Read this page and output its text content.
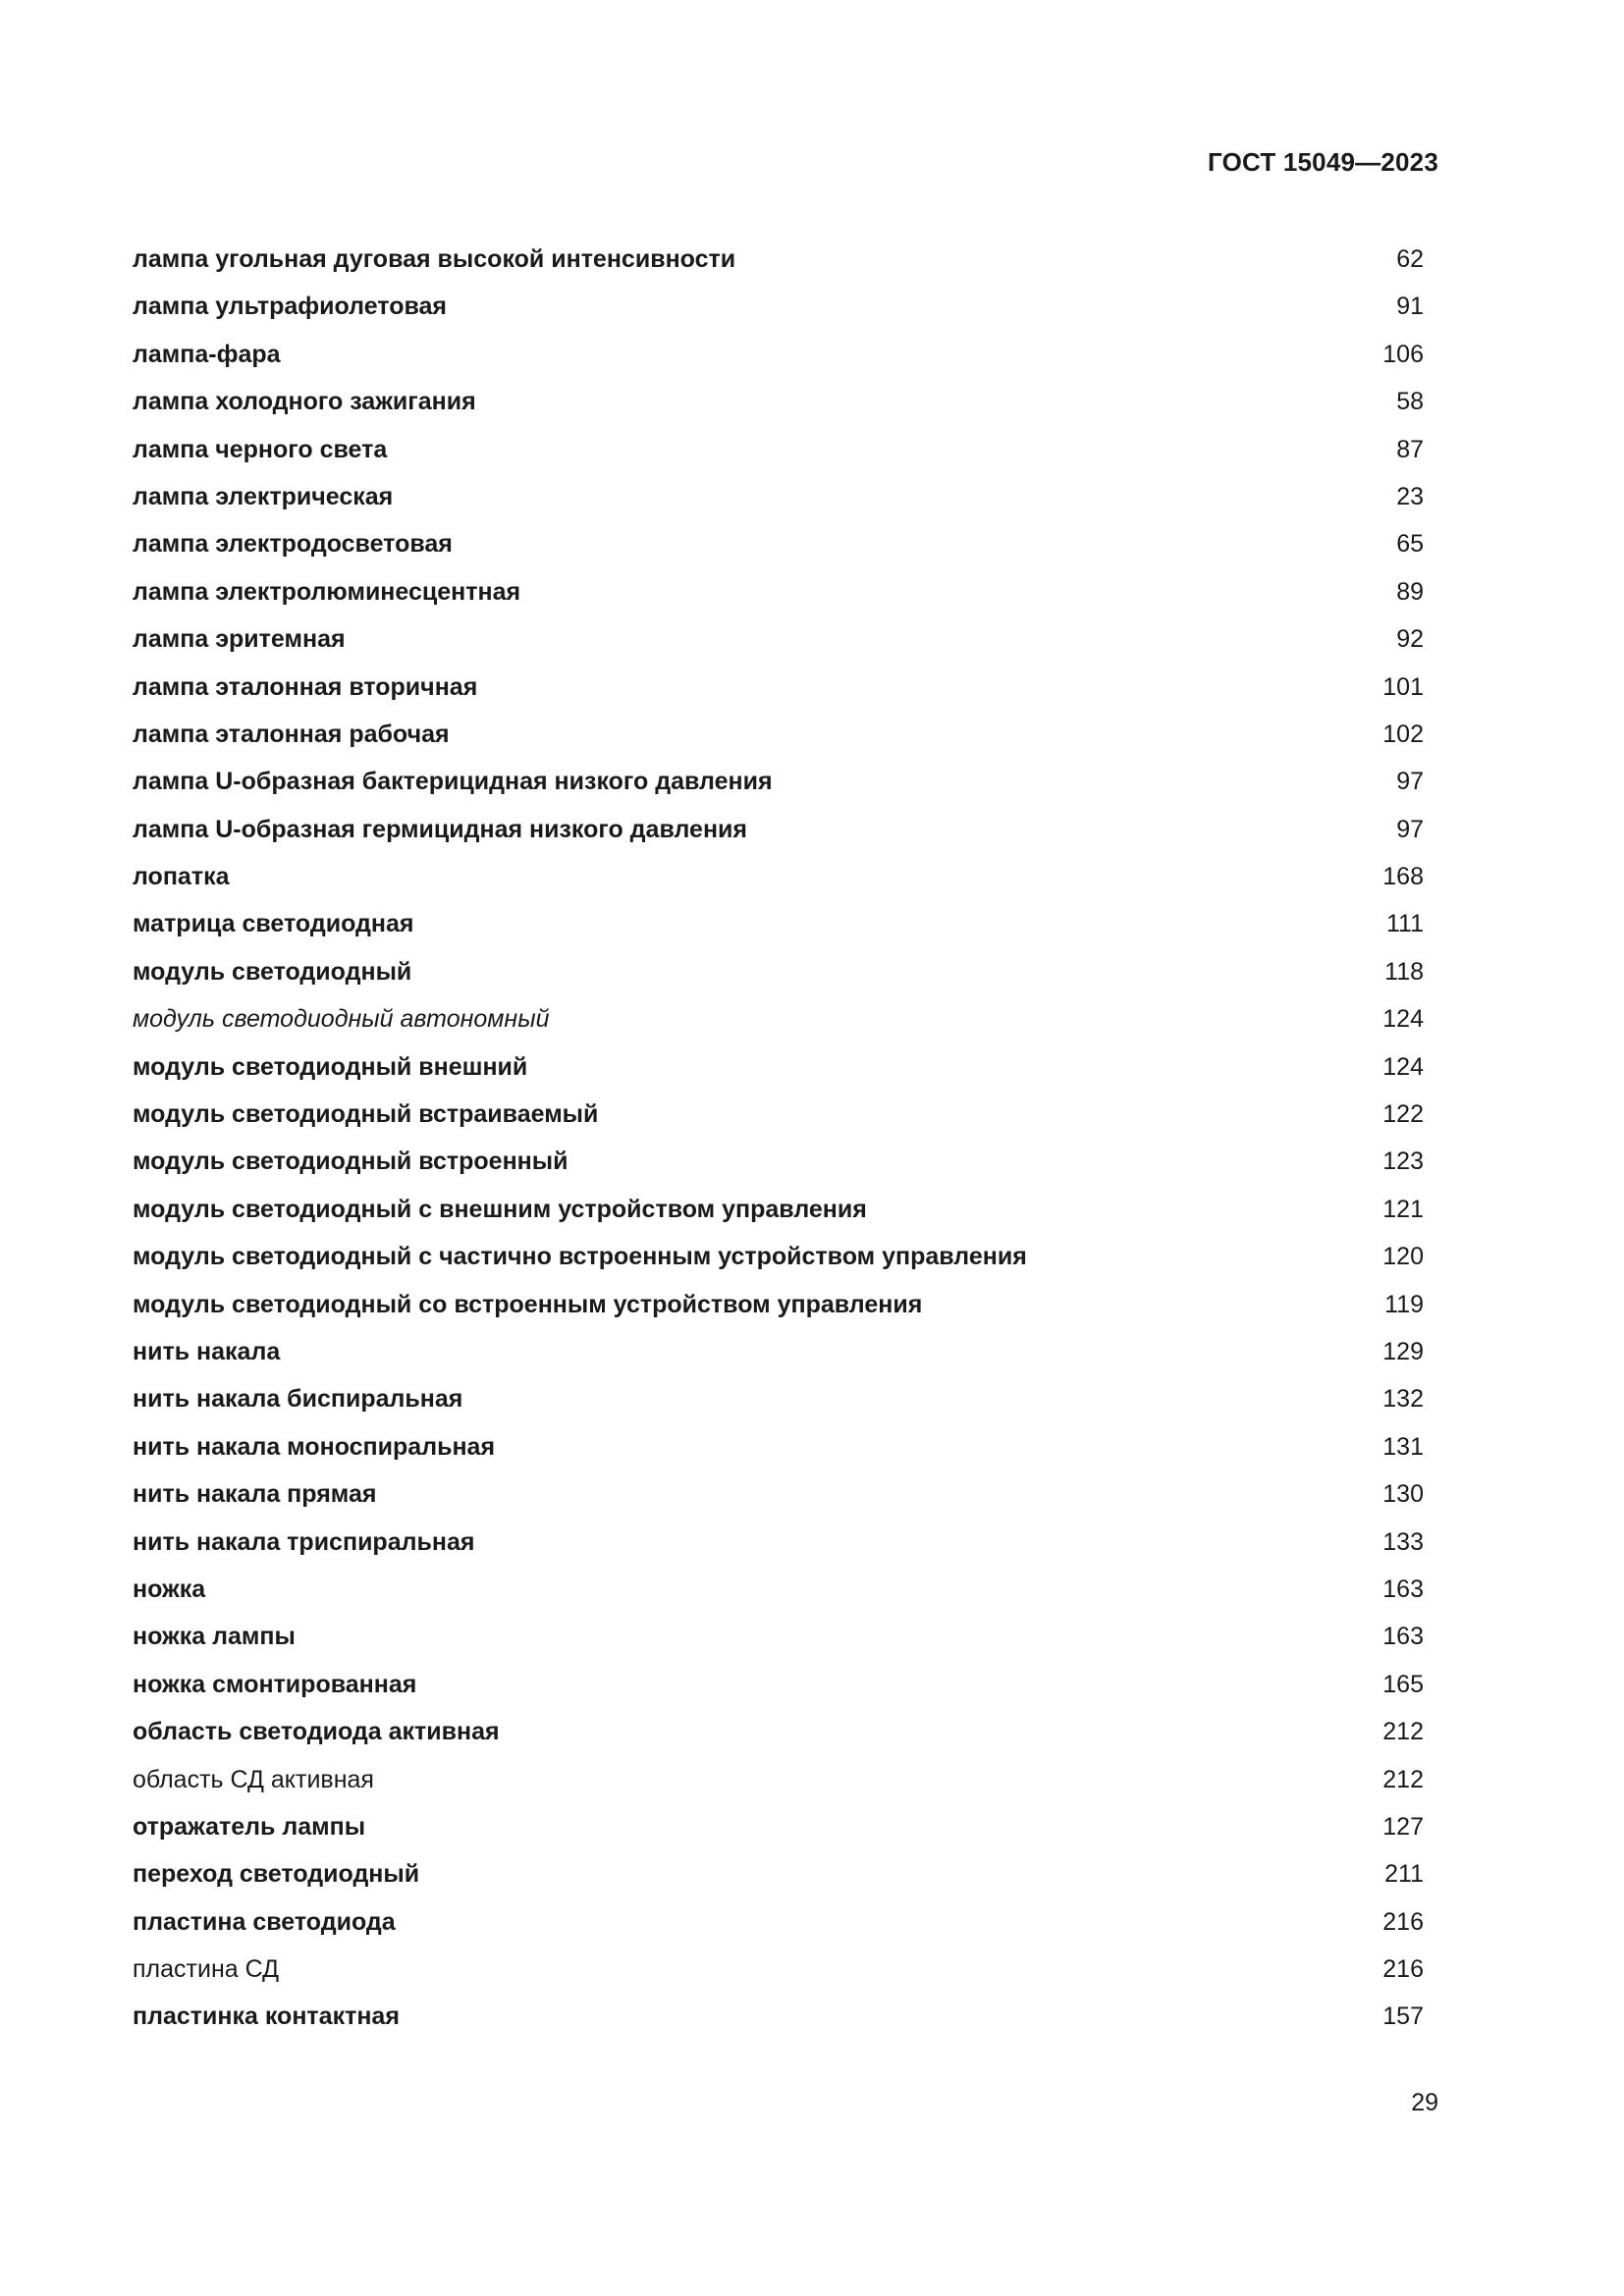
ГОСТ 15049—2023
лампа угольная дуговая высокой интенсивности	62
лампа ультрафиолетовая	91
лампа-фара	106
лампа холодного зажигания	58
лампа черного света	87
лампа электрическая	23
лампа электродосветовая	65
лампа электролюминесцентная	89
лампа эритемная	92
лампа эталонная вторичная	101
лампа эталонная рабочая	102
лампа U-образная бактерицидная низкого давления	97
лампа U-образная гермицидная низкого давления	97
лопатка	168
матрица светодиодная	111
модуль светодиодный	118
модуль светодиодный автономный	124
модуль светодиодный внешний	124
модуль светодиодный встраиваемый	122
модуль светодиодный встроенный	123
модуль светодиодный с внешним устройством управления	121
модуль светодиодный с частично встроенным устройством управления	120
модуль светодиодный со встроенным устройством управления	119
нить накала	129
нить накала биспиральная	132
нить накала моноспиральная	131
нить накала прямая	130
нить накала триспиральная	133
ножка	163
ножка лампы	163
ножка смонтированная	165
область светодиода активная	212
область СД активная	212
отражатель лампы	127
переход светодиодный	211
пластина светодиода	216
пластина СД	216
пластинка контактная	157
29
